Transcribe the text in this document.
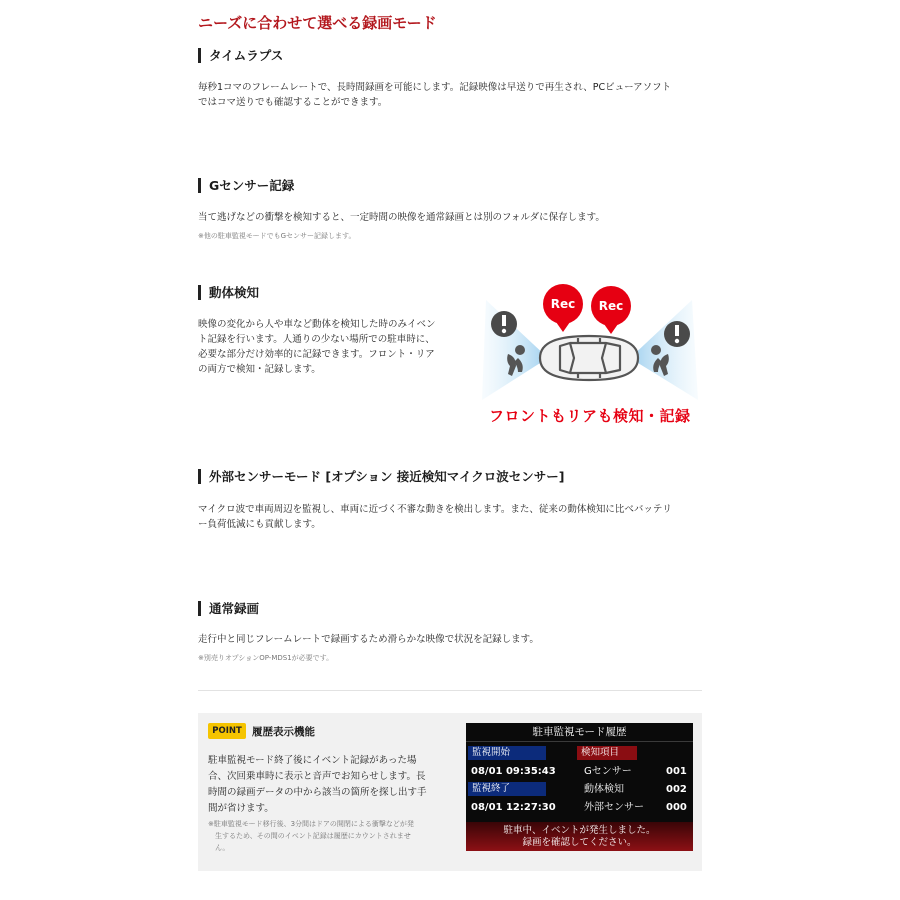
ニーズに合わせて選べる録画モード
タイムラプス
毎秒1コマのフレームレートで、長時間録画を可能にします。記録映像は早送りで再生され、PCビューアソフト
ではコマ送りでも確認することができます。
Gセンサー記録
当て逃げなどの衝撃を検知すると、一定時間の映像を通常録画とは別のフォルダに保存します。
※他の駐車監視モードでもGセンサー記録します。
動体検知
映像の変化から人や車など動体を検知した時のみイベン
ト記録を行います。人通りの少ない場所での駐車時に、
必要な部分だけ効率的に記録できます。フロント・リア
の両方で検知・記録します。
Rec Rec
フロントもリアも検知・記録
外部センサーモード [オプション 接近検知マイクロ波センサー]
マイクロ波で車両周辺を監視し、車両に近づく不審な動きを検出します。また、従来の動体検知に比べバッテリ
ー負荷低減にも貢献します。
通常録画
走行中と同じフレームレートで録画するため滑らかな映像で状況を記録します。
※別売りオプションOP-MDS1が必要です。
POINT 履歴表示機能
駐車監視モード終了後にイベント記録があった場
合、次回乗車時に表示と音声でお知らせします。長
時間の録画データの中から該当の箇所を探し出す手
間が省けます。
※駐車監視モード移行後、3分間はドアの開閉による衝撃などが発
　生するため、その間のイベント記録は履歴にカウントされませ
　ん。
駐車監視モード履歴
監視開始
08/01 09:35:43
監視終了
08/01 12:27:30
検知項目
Gセンサー	001
動体検知	002
外部センサー 000
駐車中、イベントが発生しました。
録画を確認してください。
